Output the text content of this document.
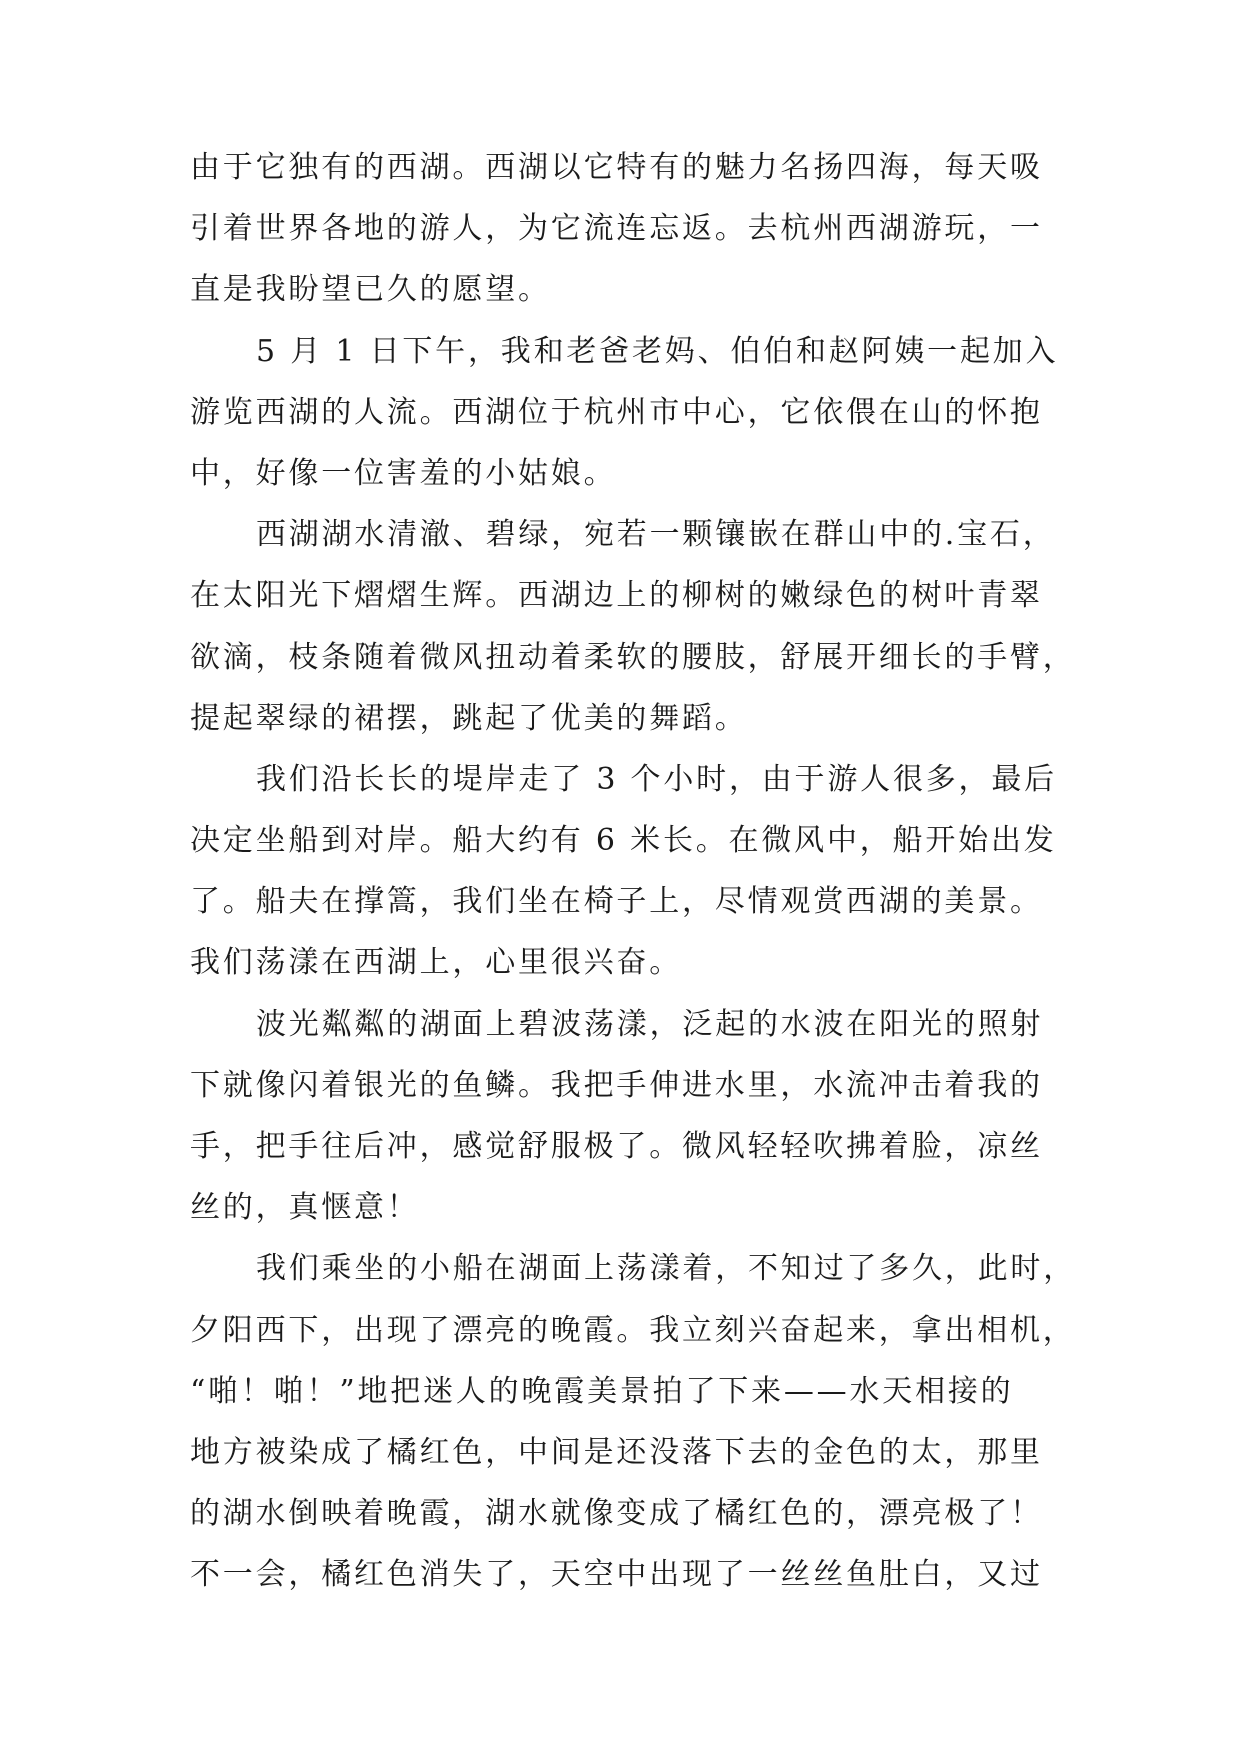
由于它独有的西湖。西湖以它特有的魅力名扬四海，每天吸
引着世界各地的游人，为它流连忘返。去杭州西湖游玩，一
直是我盼望已久的愿望。
5 月 1 日下午，我和老爸老妈、伯伯和赵阿姨一起加入
游览西湖的人流。西湖位于杭州市中心，它依偎在山的怀抱
中，好像一位害羞的小姑娘。
西湖湖水清澈、碧绿，宛若一颗镶嵌在群山中的.宝石，
在太阳光下熠熠生辉。西湖边上的柳树的嫩绿色的树叶青翠
欲滴，枝条随着微风扭动着柔软的腰肢，舒展开细长的手臂，
提起翠绿的裙摆，跳起了优美的舞蹈。
我们沿长长的堤岸走了 3 个小时，由于游人很多，最后
决定坐船到对岸。船大约有 6 米长。在微风中，船开始出发
了。船夫在撑篙，我们坐在椅子上，尽情观赏西湖的美景。
我们荡漾在西湖上，心里很兴奋。
波光粼粼的湖面上碧波荡漾，泛起的水波在阳光的照射
下就像闪着银光的鱼鳞。我把手伸进水里，水流冲击着我的
手，把手往后冲，感觉舒服极了。微风轻轻吹拂着脸，凉丝
丝的，真惬意！
我们乘坐的小船在湖面上荡漾着，不知过了多久，此时，
夕阳西下，出现了漂亮的晚霞。我立刻兴奋起来，拿出相机，
“啪！啪！”地把迷人的晚霞美景拍了下来——水天相接的
地方被染成了橘红色，中间是还没落下去的金色的太，那里
的湖水倒映着晚霞，湖水就像变成了橘红色的，漂亮极了！
不一会，橘红色消失了，天空中出现了一丝丝鱼肚白，又过
